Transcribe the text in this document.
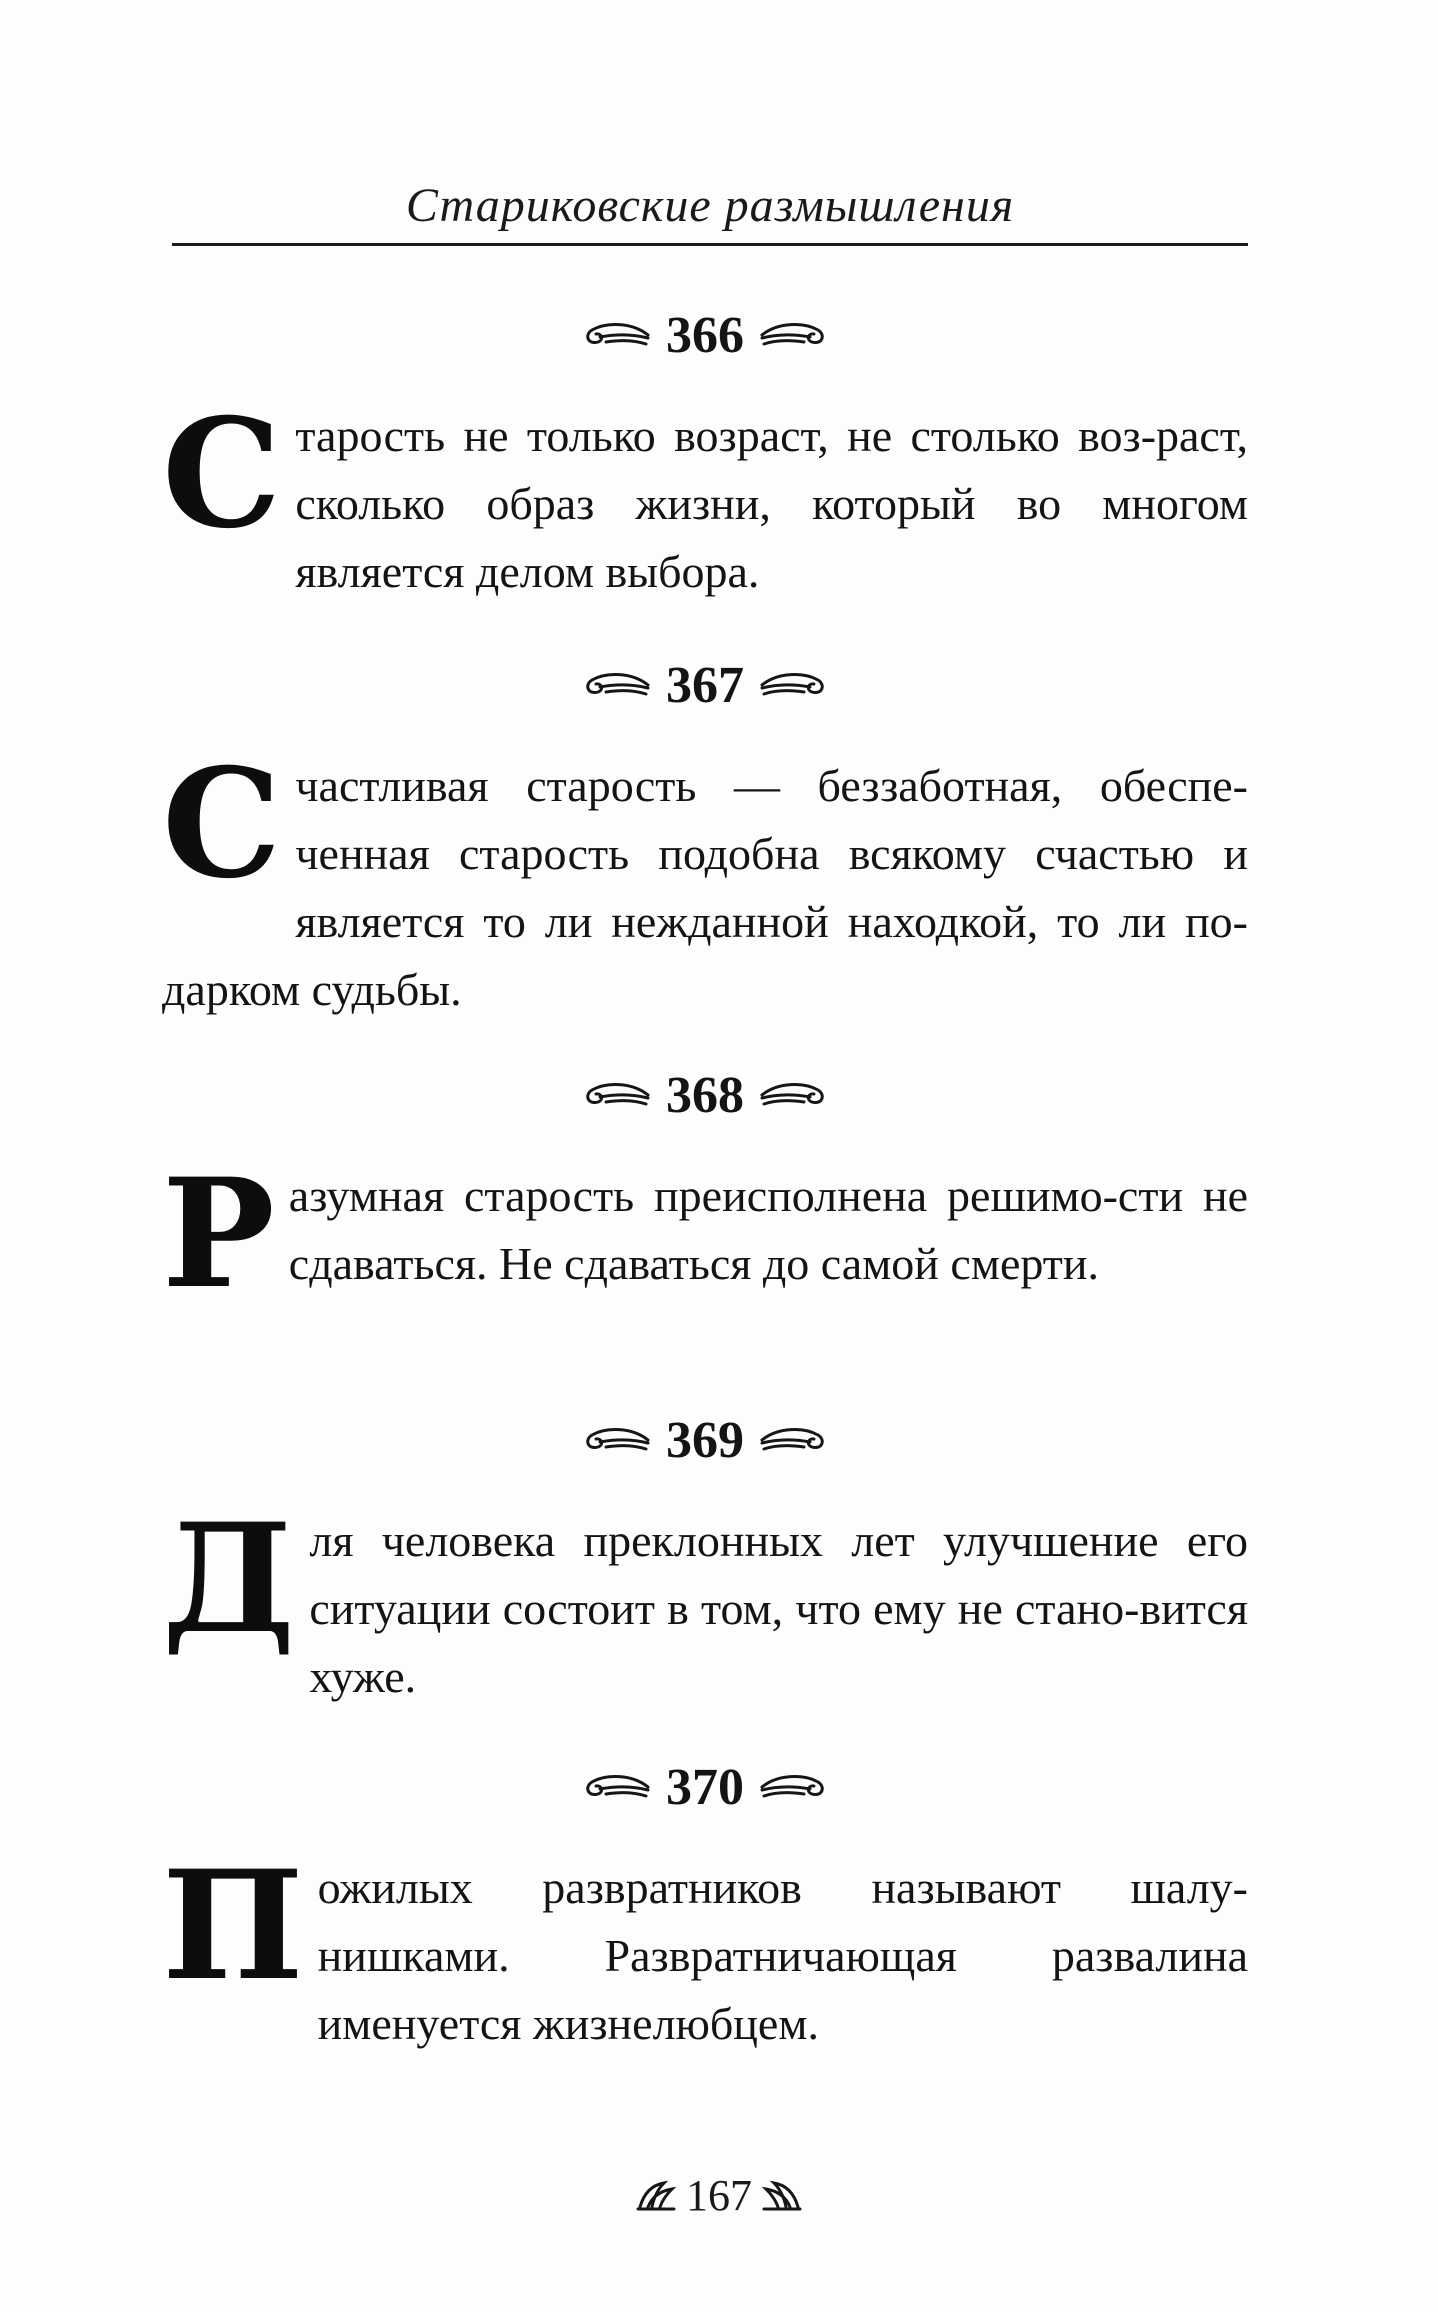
Стариковские размышления
366
Старость не только возраст, не столько воз-раст, сколько образ жизни, который во многом является делом выбора.
367
Счастливая старость — беззаботная, обеспе-ченная старость подобна всякому счастью и является то ли нежданной находкой, то ли по-дарком судьбы.
368
Разумная старость преисполнена решимо-сти не сдаваться. Не сдаваться до самой смерти.
369
Для человека преклонных лет улучшение его ситуации состоит в том, что ему не стано-вится хуже.
370
Пожилых развратников называют шалу-нишками. Развратничающая развалина именуется жизнелюбцем.
167
